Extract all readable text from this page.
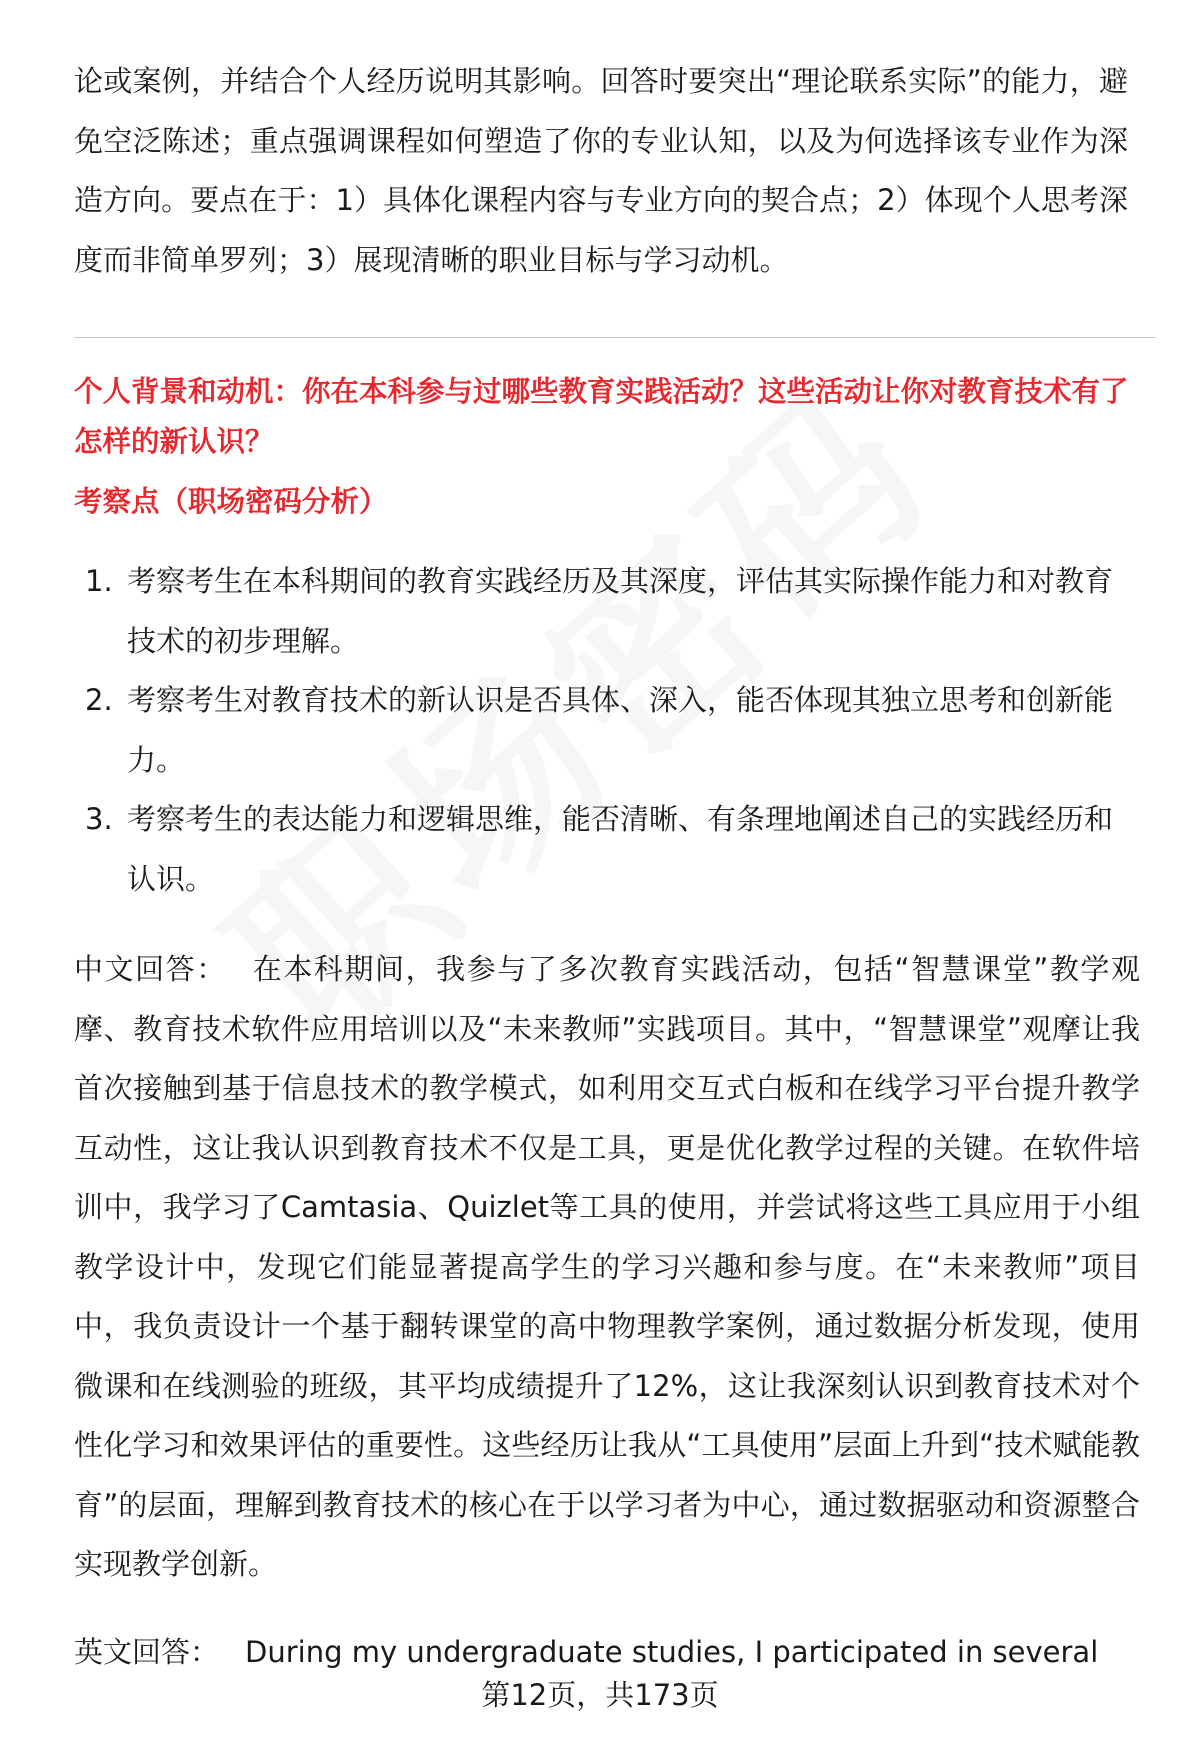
论或案例，并结合个人经历说明其影响。回答时要突出“理论联系实际”的能力，避免空泛陈述；重点强调课程如何塑造了你的专业认知，以及为何选择该专业作为深造方向。要点在于：1）具体化课程内容与专业方向的契合点；2）体现个人思考深度而非简单罗列；3）展现清晰的职业目标与学习动机。

个人背景和动机：你在本科参与过哪些教育实践活动？这些活动让你对教育技术有了怎样的新认识？

考察点（职场密码分析）

1. 考察考生在本科期间的教育实践经历及其深度，评估其实际操作能力和对教育技术的初步理解。
2. 考察考生对教育技术的新认识是否具体、深入，能否体现其独立思考和创新能力。
3. 考察考生的表达能力和逻辑思维，能否清晰、有条理地阐述自己的实践经历和认识。

中文回答： 在本科期间，我参与了多次教育实践活动，包括“智慧课堂”教学观摩、教育技术软件应用培训以及“未来教师”实践项目。其中，“智慧课堂”观摩让我首次接触到基于信息技术的教学模式，如利用交互式白板和在线学习平台提升教学互动性，这让我认识到教育技术不仅是工具，更是优化教学过程的关键。在软件培训中，我学习了Camtasia、Quizlet等工具的使用，并尝试将这些工具应用于小组教学设计中，发现它们能显著提高学生的学习兴趣和参与度。在“未来教师”项目中，我负责设计一个基于翻转课堂的高中物理教学案例，通过数据分析发现，使用微课和在线测验的班级，其平均成绩提升了12%，这让我深刻认识到教育技术对个性化学习和效果评估的重要性。这些经历让我从“工具使用”层面上升到“技术赋能教育”的层面，理解到教育技术的核心在于以学习者为中心，通过数据驱动和资源整合实现教学创新。

英文回答： During my undergraduate studies, I participated in several

第12页，共173页
